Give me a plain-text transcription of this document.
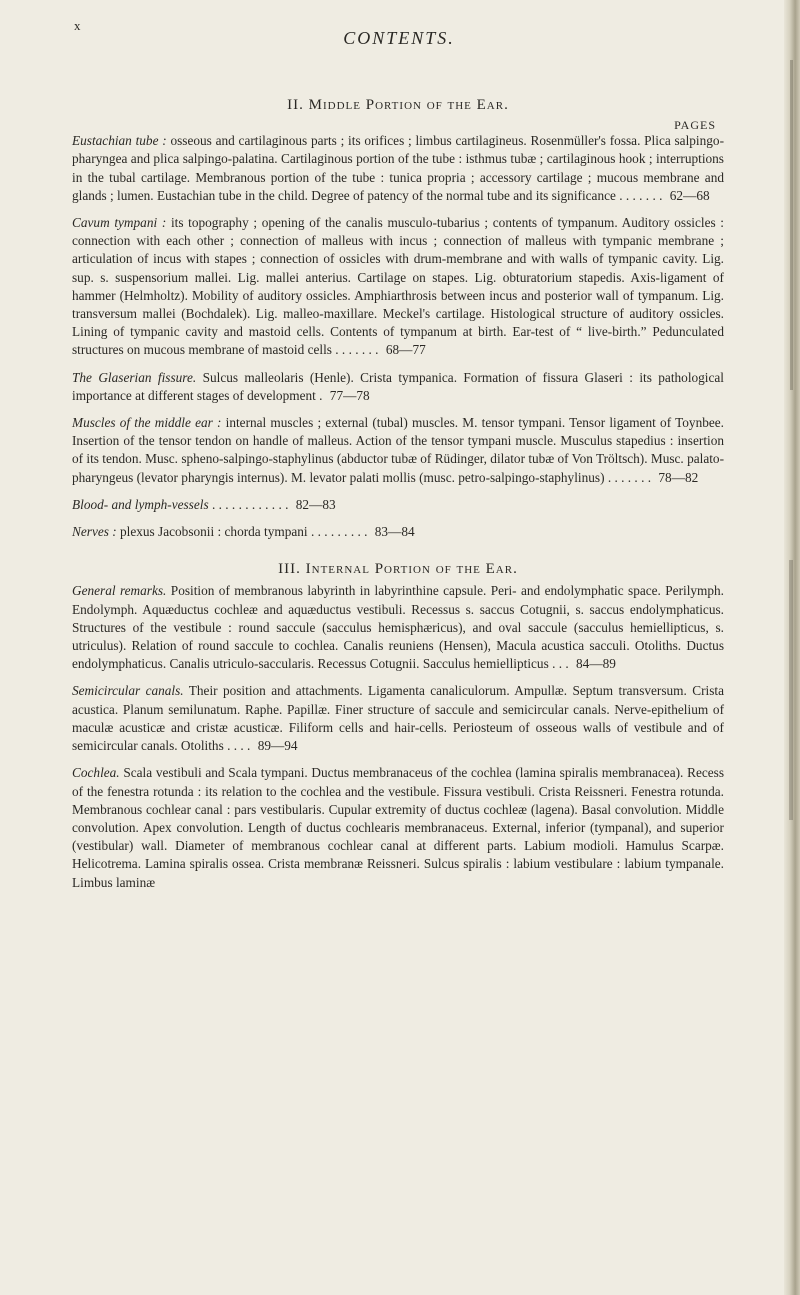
x
CONTENTS.
II. Middle Portion of the Ear.
PAGES

Eustachian tube : osseous and cartilaginous parts ; its orifices ; limbus cartilagineus. Rosenmüller's fossa. Plica salpingo-pharyngea and plica salpingo-palatina. Cartilaginous portion of the tube : isthmus tubæ ; cartilaginous hook ; interruptions in the tubal cartilage. Membranous portion of the tube : tunica propria ; accessory cartilage ; mucous membrane and glands ; lumen. Eustachian tube in the child. Degree of patency of the normal tube and its significance . . . . . . . 62—68

Cavum tympani : its topography ; opening of the canalis musculo-tubarius ; contents of tympanum. Auditory ossicles : connection with each other ; connection of malleus with incus ; connection of malleus with tympanic membrane ; articulation of incus with stapes ; connection of ossicles with drum-membrane and with walls of tympanic cavity. Lig. sup. s. suspensorium mallei. Lig. mallei anterius. Cartilage on stapes. Lig. obturatorium stapedis. Axis-ligament of hammer (Helmholtz). Mobility of auditory ossicles. Amphiarthrosis between incus and posterior wall of tympanum. Lig. transversum mallei (Bochdalek). Lig. malleo-maxillare. Meckel's cartilage. Histological structure of auditory ossicles. Lining of tympanic cavity and mastoid cells. Contents of tympanum at birth. Ear-test of “ live-birth.” Pedunculated structures on mucous membrane of mastoid cells . . . . . . . 68—77

The Glaserian fissure. Sulcus malleolaris (Henle). Crista tympanica. Formation of fissura Glaseri : its pathological importance at different stages of development . 77—78

Muscles of the middle ear : internal muscles ; external (tubal) muscles. M. tensor tympani. Tensor ligament of Toynbee. Insertion of the tensor tendon on handle of malleus. Action of the tensor tympani muscle. Musculus stapedius : insertion of its tendon. Musc. spheno-salpingo-staphylinus (abductor tubæ of Rüdinger, dilator tubæ of Von Tröltsch). Musc. palato-pharyngeus (levator pharyngis internus). M. levator palati mollis (musc. petro-salpingo-staphylinus) . . . . . . . 78—82

Blood- and lymph-vessels . . . . . . . . . . . . 82—83

Nerves : plexus Jacobsonii : chorda tympani . . . . . . . . . 83—84

III. Internal Portion of the Ear.

General remarks. Position of membranous labyrinth in labyrinthine capsule. Peri- and endolymphatic space. Perilymph. Endolymph. Aquæductus cochleæ and aquæductus vestibuli. Recessus s. saccus Cotugnii, s. saccus endolymphaticus. Structures of the vestibule : round saccule (sacculus hemisphæricus), and oval saccule (sacculus hemiellipticus, s. utriculus). Relation of round saccule to cochlea. Canalis reuniens (Hensen), Macula acustica sacculi. Otoliths. Ductus endolymphaticus. Canalis utriculo-saccularis. Recessus Cotugnii. Sacculus hemiellipticus . . . 84—89

Semicircular canals. Their position and attachments. Ligamenta canaliculorum. Ampullæ. Septum transversum. Crista acustica. Planum semilunatum. Raphe. Papillæ. Finer structure of saccule and semicircular canals. Nerve-epithelium of maculæ acusticæ and cristæ acusticæ. Filiform cells and hair-cells. Periosteum of osseous walls of vestibule and of semicircular canals. Otoliths . . . . 89—94

Cochlea. Scala vestibuli and Scala tympani. Ductus membranaceus of the cochlea (lamina spiralis membranacea). Recess of the fenestra rotunda : its relation to the cochlea and the vestibule. Fissura vestibuli. Crista Reissneri. Fenestra rotunda. Membranous cochlear canal : pars vestibularis. Cupular extremity of ductus cochleæ (lagena). Basal convolution. Middle convolution. Apex convolution. Length of ductus cochlearis membranaceus. External, inferior (tympanal), and superior (vestibular) wall. Diameter of membranous cochlear canal at different parts. Labium modioli. Hamulus Scarpæ. Helicotrema. Lamina spiralis ossea. Crista membranæ Reissneri. Sulcus spiralis : labium vestibulare : labium tympanale. Limbus laminæ
